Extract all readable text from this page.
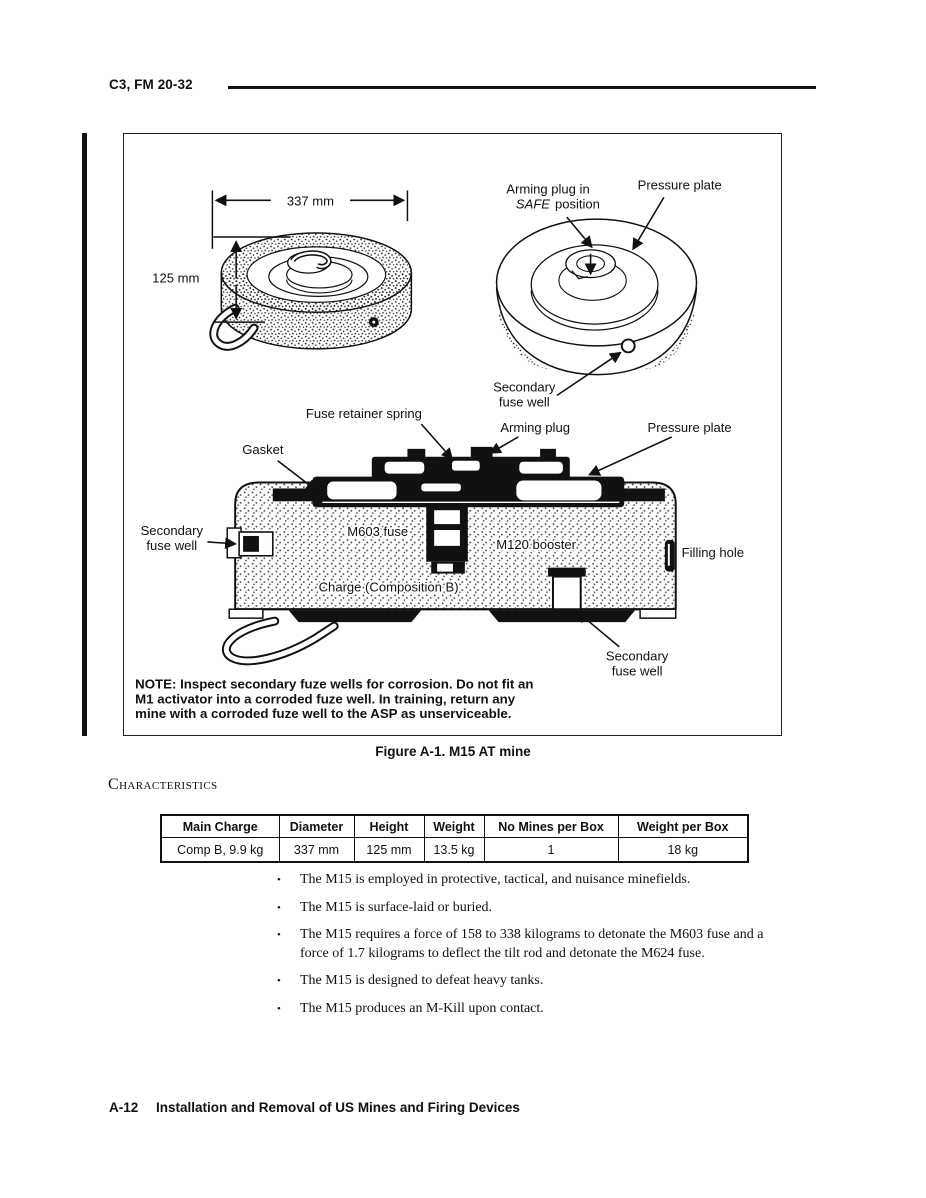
C3, FM 20-32
337 mm
125 mm
Arming plug in
SAFE position
Pressure plate
Secondary
fuse well
Fuse retainer spring
Gasket
Arming plug	Pressure plate
Secondary
fuse well
M603 fuse
M120 booster
Charge (Composition B)
Filling hole
Secondary
fuse well
NOTE: Inspect secondary fuze wells for corrosion. Do not fit an
M1 activator into a corroded fuze well. In training, return any
mine with a corroded fuze well to the ASP as unserviceable.
Figure A-1. M15 AT mine
Characteristics
Main Charge	Diameter	Height	Weight	No Mines per Box	Weight per Box
Comp B, 9.9 kg	337 mm	125 mm	13.5 kg	1	18 kg
•	The M15 is employed in protective, tactical, and nuisance minefields.
•	The M15 is surface-laid or buried.
•	The M15 requires a force of 158 to 338 kilograms to detonate the M603 fuse and a force of 1.7 kilograms to deflect the tilt rod and detonate the M624 fuse.
•	The M15 is designed to defeat heavy tanks.
•	The M15 produces an M-Kill upon contact.
A-12 Installation and Removal of US Mines and Firing Devices
